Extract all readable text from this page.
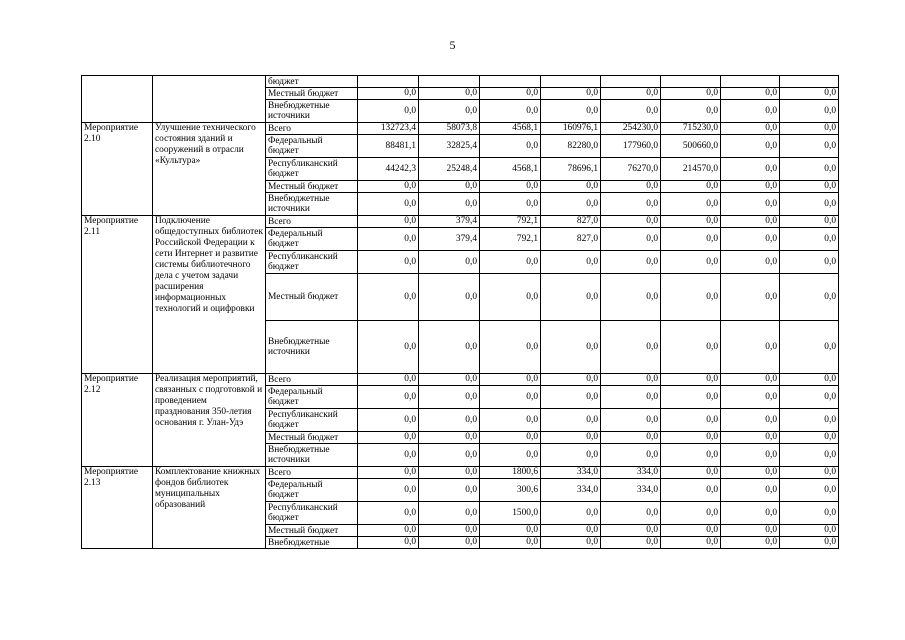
5
		бюджет								
		Местный бюджет	0,0	0,0	0,0	0,0	0,0	0,0	0,0	0,0
		Внебюджетные источники	0,0	0,0	0,0	0,0	0,0	0,0	0,0	0,0
Мероприятие 2.10	Улучшение технического состояния зданий и сооружений в отрасли «Культура»	Всего	132723,4	58073,8	4568,1	160976,1	254230,0	715230,0	0,0	0,0
		Федеральный бюджет	88481,1	32825,4	0,0	82280,0	177960,0	500660,0	0,0	0,0
		Республиканский бюджет	44242,3	25248,4	4568,1	78696,1	76270,0	214570,0	0,0	0,0
		Местный бюджет	0,0	0,0	0,0	0,0	0,0	0,0	0,0	0,0
		Внебюджетные источники	0,0	0,0	0,0	0,0	0,0	0,0	0,0	0,0
Мероприятие 2.11	Подключение общедоступных библиотек Российской Федерации к сети Интернет и развитие системы библиотечного дела с учетом задачи расширения информационных технологий и оцифровки	Всего	0,0	379,4	792,1	827,0	0,0	0,0	0,0	0,0
		Федеральный бюджет	0,0	379,4	792,1	827,0	0,0	0,0	0,0	0,0
		Республиканский бюджет	0,0	0,0	0,0	0,0	0,0	0,0	0,0	0,0
		Местный бюджет	0,0	0,0	0,0	0,0	0,0	0,0	0,0	0,0
		Внебюджетные источники	0,0	0,0	0,0	0,0	0,0	0,0	0,0	0,0
Мероприятие 2.12	Реализация мероприятий, связанных с подготовкой и проведением празднования 350-летия основания г. Улан-Удэ	Всего	0,0	0,0	0,0	0,0	0,0	0,0	0,0	0,0
		Федеральный бюджет	0,0	0,0	0,0	0,0	0,0	0,0	0,0	0,0
		Республиканский бюджет	0,0	0,0	0,0	0,0	0,0	0,0	0,0	0,0
		Местный бюджет	0,0	0,0	0,0	0,0	0,0	0,0	0,0	0,0
		Внебюджетные источники	0,0	0,0	0,0	0,0	0,0	0,0	0,0	0,0
Мероприятие 2.13	Комплектование книжных фондов библиотек муниципальных образований	Всего	0,0	0,0	1800,6	334,0	334,0	0,0	0,0	0,0
		Федеральный бюджет	0,0	0,0	300,6	334,0	334,0	0,0	0,0	0,0
		Республиканский бюджет	0,0	0,0	1500,0	0,0	0,0	0,0	0,0	0,0
		Местный бюджет	0,0	0,0	0,0	0,0	0,0	0,0	0,0	0,0
		Внебюджетные	0,0	0,0	0,0	0,0	0,0	0,0	0,0	0,0
